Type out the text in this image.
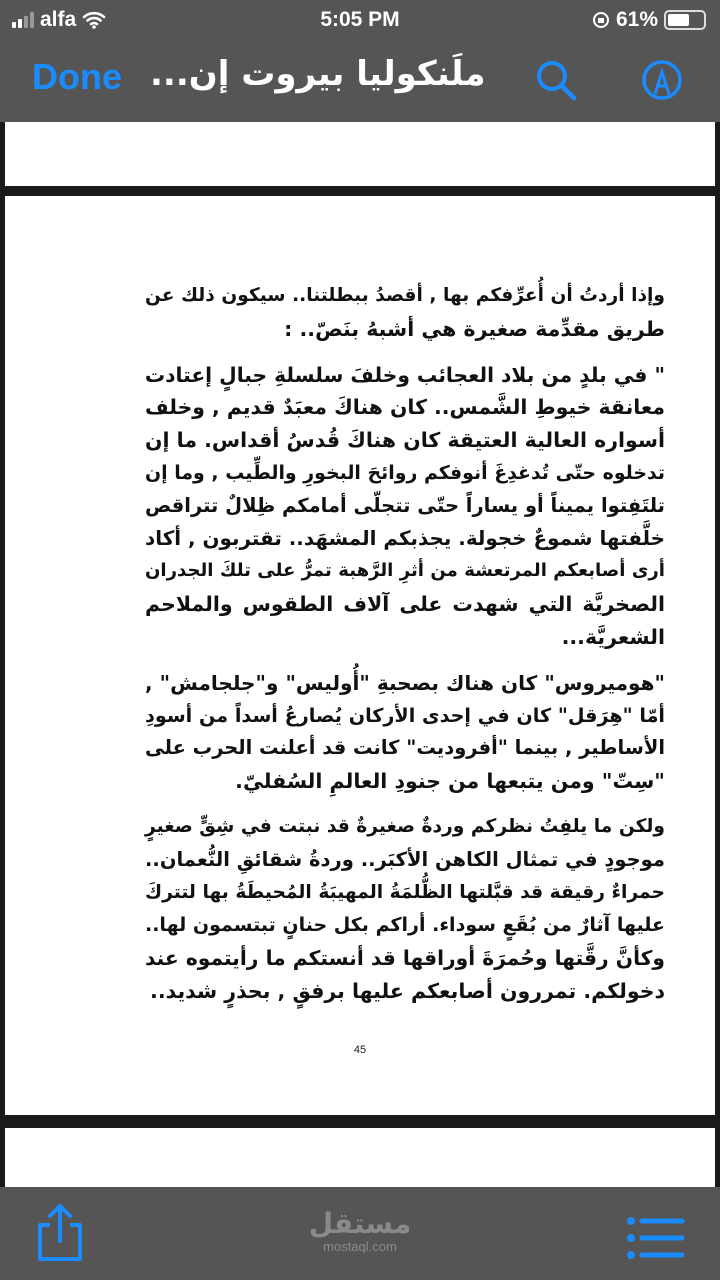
alfa	5:05 PM	61%
Done ملَنكوليا بيروت إن...
وإذا أردتُ أن أُعرِّفكم بها , أقصدُ ببطلتنا.. سيكون ذلك عن
طريق مقدِّمة صغيرة هي أشبهُ بنَصّ.. :
" في بلدٍ من بلاد العجائب وخلفَ سلسلةِ جبالٍ إعتادت
معانقة خيوطِ الشَّمس.. كان هناكَ معبَدٌ قديم , وخلف
أسواره العالية العتيقة كان هناكَ قُدسُ أقداس. ما إن
تدخلوه حتّى تُدغدِغَ أنوفكم روائحَ البخورِ والطِّيب , وما إن
تلتَفِتوا يميناً أو يساراً حتّى تتجلّى أمامكم ظِلالٌ تتراقص
خلَّفتها شموعٌ خجولة. يجذبكم المشهَد.. تقتربون , أكاد
أرى أصابعكم المرتعشة من أثرِ الرَّهبة تمرُّ على تلكَ الجدران
الصخريَّة التي شهدت على آلاف الطقوس والملاحم
الشعريَّة...
"هوميروس" كان هناك بصحبةِ "أُوليس" و"جلجامش" ,
أمّا "هِرَقل" كان في إحدى الأركان يُصارعُ أسداً من أسودِ
الأساطير , بينما "أفروديت" كانت قد أعلنت الحرب على
"سِتّ" ومن يتبعها من جنودِ العالمِ السُفليّ.
ولكن ما يلفِتُ نظركم وردةٌ صغيرةٌ قد نبتت في شِقٍّ صغيرٍ
موجودٍ في تمثال الكاهن الأكبَر.. وردةُ شقائقِ النُّعمان..
حمراءٌ رقيقة قد قبَّلتها الظُّلمَةُ المهيبَةُ المُحيطَةُ بها لتتركَ
عليها آثارٌ من بُقَعٍ سوداء. أراكم بكل حنانٍ تبتسمون لها..
وكأنَّ رقَّتها وحُمرَةَ أوراقها قد أنستكم ما رأيتموه عند
دخولكم. تمررون أصابعكم عليها برفقٍ , بحذرٍ شديد..
45
مستقل
mostaql.com
